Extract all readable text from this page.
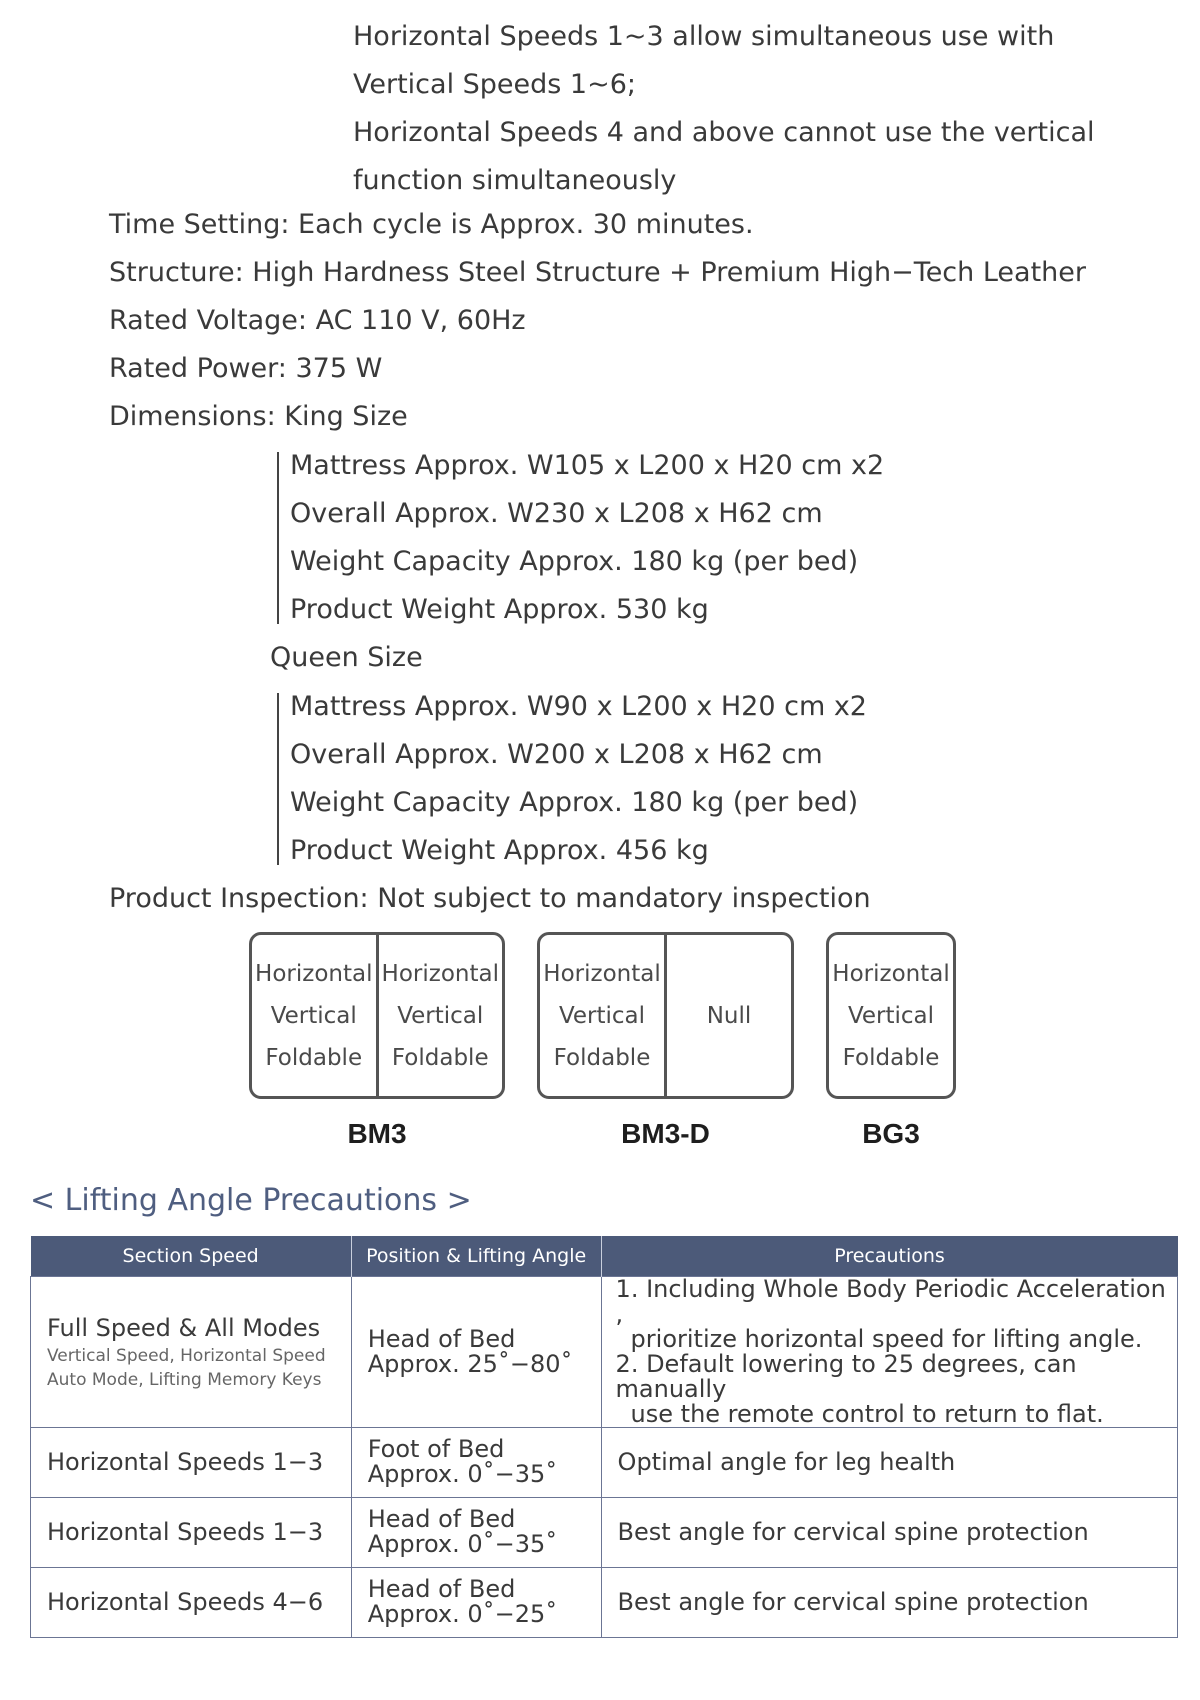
Horizontal Speeds 1~3 allow simultaneous use with
Vertical Speeds 1~6;
Horizontal Speeds 4 and above cannot use the vertical
function simultaneously
Time Setting: Each cycle is Approx. 30 minutes.
Structure: High Hardness Steel Structure + Premium High−Tech Leather
Rated Voltage: AC 110 V, 60Hz
Rated Power: 375 W
Dimensions: King Size
Mattress Approx. W105 x L200 x H20 cm x2
Overall Approx. W230 x L208 x H62 cm
Weight Capacity Approx. 180 kg (per bed)
Product Weight Approx. 530 kg
Queen Size
Mattress Approx. W90 x L200 x H20 cm x2
Overall Approx. W200 x L208 x H62 cm
Weight Capacity Approx. 180 kg (per bed)
Product Weight Approx. 456 kg
Product Inspection: Not subject to mandatory inspection
Horizontal
Vertical
Foldable
Horizontal
Vertical
Foldable
BM3
Horizontal
Vertical
Foldable
Null
BM3-D
Horizontal
Vertical
Foldable
BG3
< Lifting Angle Precautions >
Section Speed	Position & Lifting Angle	Precautions

Full Speed & All Modes
Vertical Speed, Horizontal Speed
Auto Mode, Lifting Memory Keys	Head of Bed
Approx. 25˚−80˚	1. Including Whole Body Periodic Acceleration ,
prioritize horizontal speed for lifting angle.
2. Default lowering to 25 degrees, can manually
use the remote control to return to flat.

Horizontal Speeds 1−3	Foot of Bed
Approx. 0˚−35˚	Optimal angle for leg health
Horizontal Speeds 1−3	Head of Bed
Approx. 0˚−35˚	Best angle for cervical spine protection
Horizontal Speeds 4−6	Head of Bed
Approx. 0˚−25˚	Best angle for cervical spine protection
